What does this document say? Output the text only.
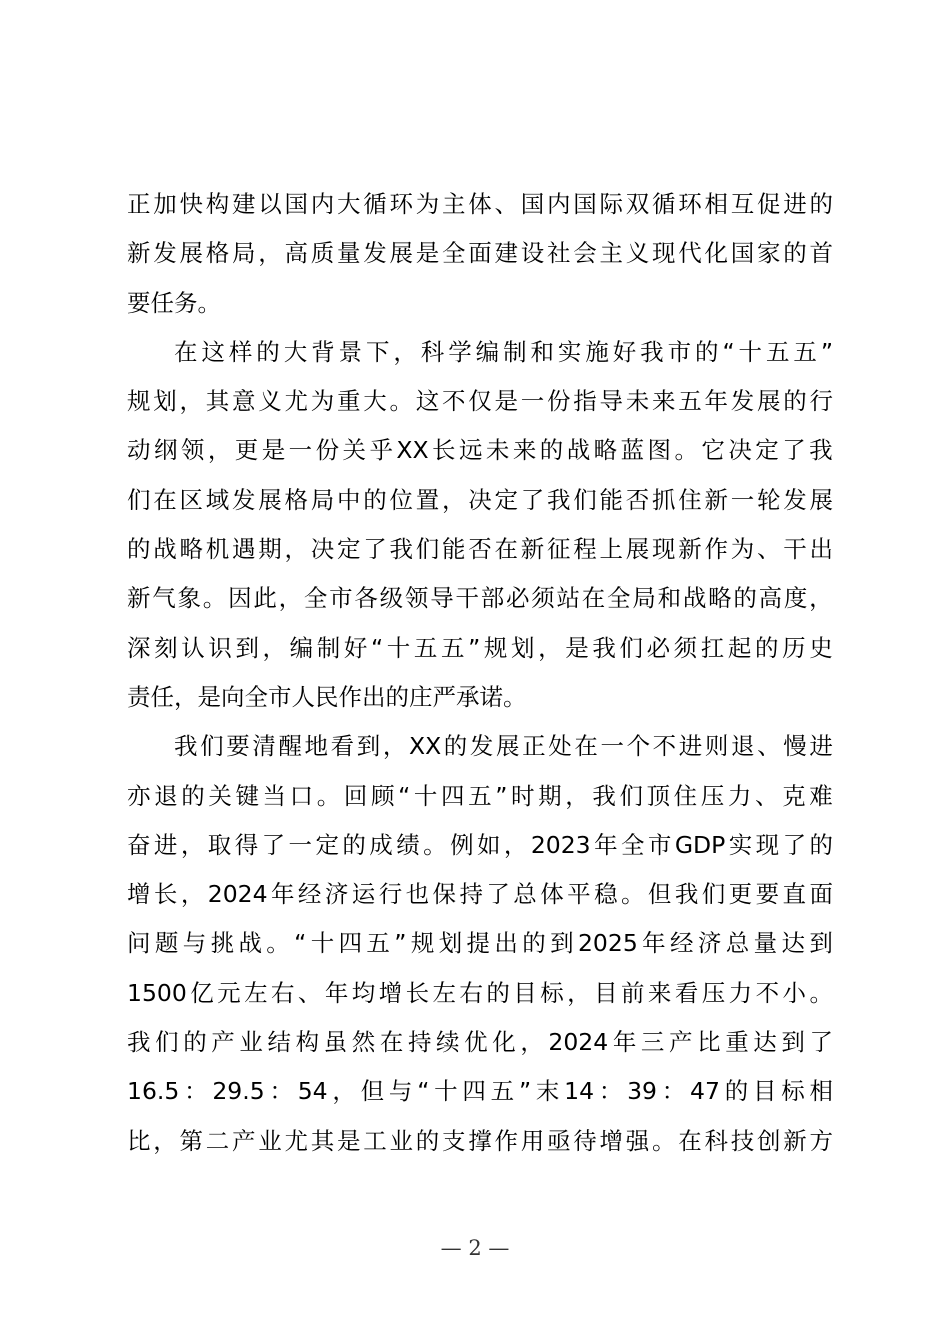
正 加 快 构 建 以 国 内 大 循 环 为 主 体 、 国 内 国 际 双 循 环 相 互 促 进 的
新 发 展 格 局 ， 高 质 量 发 展 是 全 面 建 设 社 会 主 义 现 代 化 国 家 的 首
要任务。
在 这 样 的 大 背 景 下 ， 科 学 编 制 和 实 施 好 我 市 的 “ 十 五 五 ”
规 划 ， 其 意 义 尤 为 重 大 。 这 不 仅 是 一 份 指 导 未 来 五 年 发 展 的 行
动 纲 领 ， 更 是 一 份 关 乎 XX 长 远 未 来 的 战 略 蓝 图 。 它 决 定 了 我
们 在 区 域 发 展 格 局 中 的 位 置 ， 决 定 了 我 们 能 否 抓 住 新 一 轮 发 展
的 战 略 机 遇 期 ， 决 定 了 我 们 能 否 在 新 征 程 上 展 现 新 作 为 、 干 出
新 气 象 。 因 此 ， 全 市 各 级 领 导 干 部 必 须 站 在 全 局 和 战 略 的 高 度 ，
深 刻 认 识 到 ， 编 制 好 “ 十 五 五 ” 规 划 ， 是 我 们 必 须 扛 起 的 历 史
责任，是向全市人民作出的庄严承诺。
我 们 要 清 醒 地 看 到 ， XX 的 发 展 正 处 在 一 个 不 进 则 退 、 慢 进
亦 退 的 关 键 当 口 。 回 顾 “ 十 四 五 ” 时 期 ， 我 们 顶 住 压 力 、 克 难
奋 进 ， 取 得 了 一 定 的 成 绩 。 例 如 ， 2023 年 全 市 GDP 实 现 了 的
增 长 ， 2024 年 经 济 运 行 也 保 持 了 总 体 平 稳 。 但 我 们 更 要 直 面
问 题 与 挑 战 。 “ 十 四 五 ” 规 划 提 出 的 到 2025 年 经 济 总 量 达 到
1500 亿 元 左 右 、 年 均 增 长 左 右 的 目 标 ， 目 前 来 看 压 力 不 小 。
我 们 的 产 业 结 构 虽 然 在 持 续 优 化 ， 2024 年 三 产 比 重 达 到 了
16.5 ： 29.5 ： 54 ， 但 与 “ 十 四 五 ” 末 14 ： 39 ： 47 的 目 标 相
比 ， 第 二 产 业 尤 其 是 工 业 的 支 撑 作 用 亟 待 增 强 。 在 科 技 创 新 方
— 2 —
